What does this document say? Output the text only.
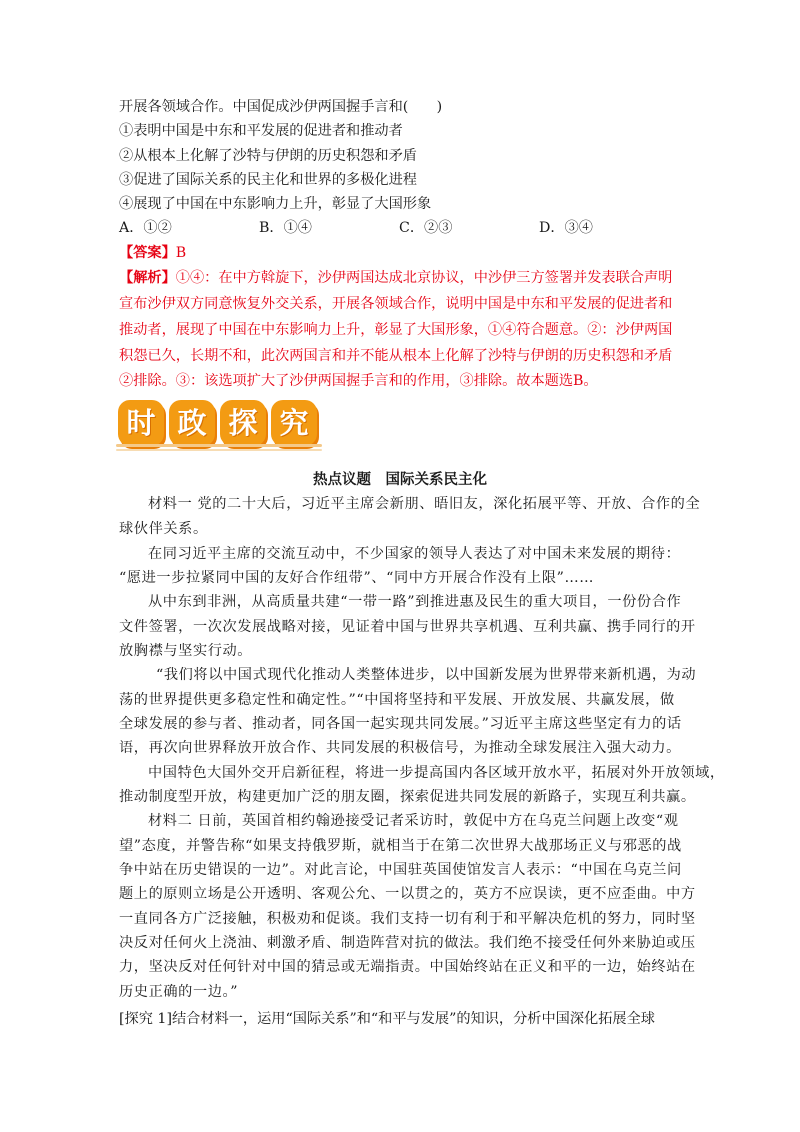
开展各领域合作。中国促成沙伊两国握手言和(　　)
①表明中国是中东和平发展的促进者和推动者
②从根本上化解了沙特与伊朗的历史积怨和矛盾
③促进了国际关系的民主化和世界的多极化进程
④展现了中国在中东影响力上升，彰显了大国形象
A．①②	B．①④	C．②③	D．③④
【答案】B
【解析】①④：在中方斡旋下，沙伊两国达成北京协议，中沙伊三方签署并发表联合声明
宣布沙伊双方同意恢复外交关系，开展各领域合作，说明中国是中东和平发展的促进者和
推动者，展现了中国在中东影响力上升，彰显了大国形象，①④符合题意。②：沙伊两国
积怨已久，长期不和，此次两国言和并不能从根本上化解了沙特与伊朗的历史积怨和矛盾
②排除。③：该选项扩大了沙伊两国握手言和的作用，③排除。故本题选B。
时 政 探 究
热点议题　国际关系民主化
材料一 党的二十大后，习近平主席会新朋、晤旧友，深化拓展平等、开放、合作的全
球伙伴关系。
在同习近平主席的交流互动中，不少国家的领导人表达了对中国未来发展的期待：
“愿进一步拉紧同中国的友好合作纽带”、“同中方开展合作没有上限”……
从中东到非洲，从高质量共建“一带一路”到推进惠及民生的重大项目，一份份合作
文件签署，一次次发展战略对接，见证着中国与世界共享机遇、互利共赢、携手同行的开
放胸襟与坚实行动。
“我们将以中国式现代化推动人类整体进步，以中国新发展为世界带来新机遇，为动
荡的世界提供更多稳定性和确定性。”“中国将坚持和平发展、开放发展、共赢发展，做
全球发展的参与者、推动者，同各国一起实现共同发展。”习近平主席这些坚定有力的话
语，再次向世界释放开放合作、共同发展的积极信号，为推动全球发展注入强大动力。
中国特色大国外交开启新征程，将进一步提高国内各区域开放水平，拓展对外开放领域，
推动制度型开放，构建更加广泛的朋友圈，探索促进共同发展的新路子，实现互利共赢。
材料二 日前，英国首相约翰逊接受记者采访时，敦促中方在乌克兰问题上改变“观
望”态度，并警告称“如果支持俄罗斯，就相当于在第二次世界大战那场正义与邪恶的战
争中站在历史错误的一边”。对此言论，中国驻英国使馆发言人表示：“中国在乌克兰问
题上的原则立场是公开透明、客观公允、一以贯之的，英方不应误读，更不应歪曲。中方
一直同各方广泛接触，积极劝和促谈。我们支持一切有利于和平解决危机的努力，同时坚
决反对任何火上浇油、刺激矛盾、制造阵营对抗的做法。我们绝不接受任何外来胁迫或压
力，坚决反对任何针对中国的猜忌或无端指责。中国始终站在正义和平的一边，始终站在
历史正确的一边。”
[探究 1]结合材料一，运用“国际关系”和“和平与发展”的知识，分析中国深化拓展全球
